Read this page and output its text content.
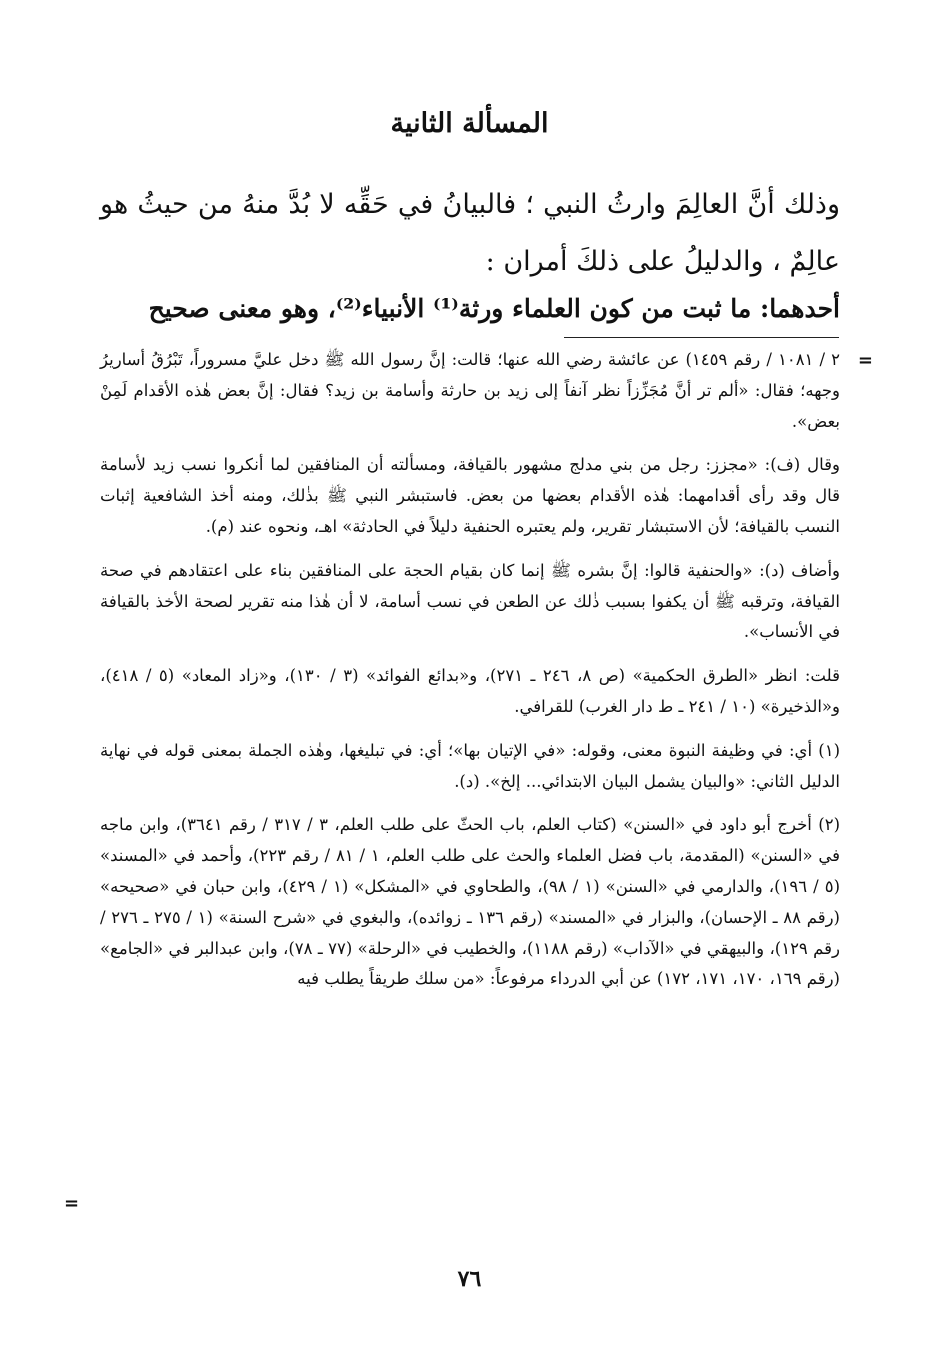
المسألة الثانية

وذلك أنَّ العالِمَ وارثُ النبي ؛ فالبيانُ في حَقِّه لا بُدَّ منهُ من حيثُ هو عالِمٌ ، والدليلُ على ذلكَ أمران :

أحدهما: ما ثبت من كون العلماء ورثة⁽¹⁾ الأنبياء⁽²⁾، وهو معنى صحيح

=

٢ / ١٠٨١ / رقم ١٤٥٩) عن عائشة رضي الله عنها؛ قالت: إنَّ رسول الله ﷺ دخل عليَّ مسروراً، تَبْرُقُ أساريرُ وجهه؛ فقال: «ألم تر أنَّ مُجَزِّزاً نظر آنفاً إلى زيد بن حارثة وأسامة بن زيد؟ فقال: إنَّ بعض هٰذه الأقدام لَمِنْ بعض».

وقال (ف): «مجزز: رجل من بني مدلج مشهور بالقيافة، ومسألته أن المنافقين لما أنكروا نسب زيد لأسامة قال وقد رأى أقدامهما: هٰذه الأقدام بعضها من بعض. فاستبشر النبي ﷺ بذٰلك، ومنه أخذ الشافعية إثبات النسب بالقيافة؛ لأن الاستبشار تقرير، ولم يعتبره الحنفية دليلاً في الحادثة» اهـ، ونحوه عند (م).

وأضاف (د): «والحنفية قالوا: إنَّ بشره ﷺ إنما كان بقيام الحجة على المنافقين بناء على اعتقادهم في صحة القيافة، وترقبه ﷺ أن يكفوا بسبب ذٰلك عن الطعن في نسب أسامة، لا أن هٰذا منه تقرير لصحة الأخذ بالقيافة في الأنساب».

قلت: انظر «الطرق الحكمية» (ص ٨، ٢٤٦ ـ ٢٧١)، و«بدائع الفوائد» (٣ / ١٣٠)، و«زاد المعاد» (٥ / ٤١٨)، و«الذخيرة» (١٠ / ٢٤١ ـ ط دار الغرب) للقرافي.

(١) أي: في وظيفة النبوة معنى، وقوله: «في الإتيان بها»؛ أي: في تبليغها، وهٰذه الجملة بمعنى قوله في نهاية الدليل الثاني: «والبيان يشمل البيان الابتدائي... إلخ». (د).

(٢) أخرج أبو داود في «السنن» (كتاب العلم، باب الحثّ على طلب العلم، ٣ / ٣١٧ / رقم ٣٦٤١)، وابن ماجه في «السنن» (المقدمة، باب فضل العلماء والحث على طلب العلم، ١ / ٨١ / رقم ٢٢٣)، وأحمد في «المسند» (٥ / ١٩٦)، والدارمي في «السنن» (١ / ٩٨)، والطحاوي في «المشكل» (١ / ٤٢٩)، وابن حبان في «صحيحه» (رقم ٨٨ ـ الإحسان)، والبزار في «المسند» (رقم ١٣٦ ـ زوائده)، والبغوي في «شرح السنة» (١ / ٢٧٥ ـ ٢٧٦ / رقم ١٢٩)، والبيهقي في «الآداب» (رقم ١١٨٨)، والخطيب في «الرحلة» (٧٧ ـ ٧٨)، وابن عبدالبر في «الجامع» (رقم ١٦٩، ١٧٠، ١٧١، ١٧٢) عن أبي الدرداء مرفوعاً: «من سلك طريقاً يطلب فيه

=

٧٦
